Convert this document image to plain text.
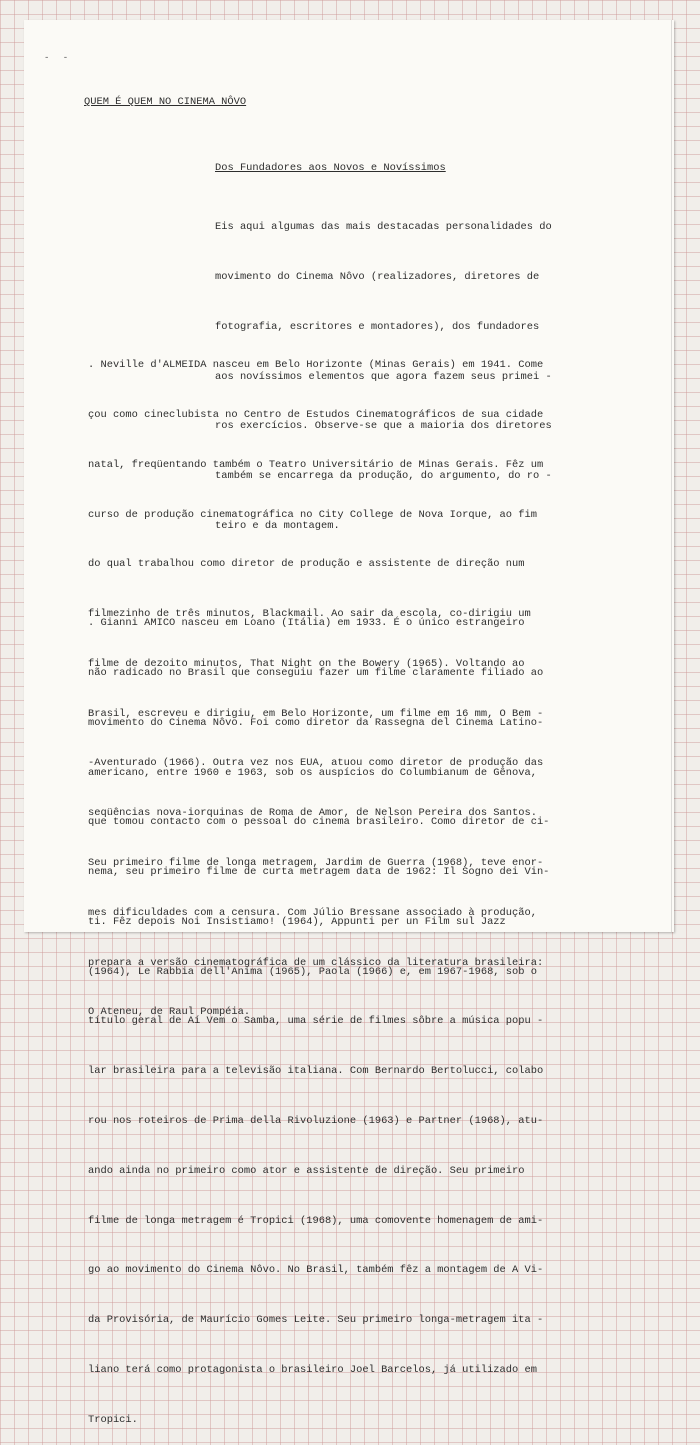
- -
QUEM É QUEM NO CINEMA NÔVO
Dos Fundadores aos Novos e Novíssimos

Eis aqui algumas das mais destacadas personalidades do

movimento do Cinema Nôvo (realizadores, diretores de

fotografia, escritores e montadores), dos fundadores

aos novíssimos elementos que agora fazem seus primei -

ros exercícios. Observe-se que a maioria dos diretores

também se encarrega da produção, do argumento, do ro -

teiro e da montagem.

. Neville d'ALMEIDA nasceu em Belo Horizonte (Minas Gerais) em 1941. Come

çou como cineclubista no Centro de Estudos Cinematográficos de sua cidade

natal, freqüentando também o Teatro Universitário de Minas Gerais. Fêz um

curso de produção cinematográfica no City College de Nova Iorque, ao fim

do qual trabalhou como diretor de produção e assistente de direção num

filmezinho de três minutos, Blackmail. Ao sair da escola, co-dirigiu um

filme de dezoito minutos, That Night on the Bowery (1965). Voltando ao

Brasil, escreveu e dirigiu, em Belo Horizonte, um filme em 16 mm, O Bem -

-Aventurado (1966). Outra vez nos EUA, atuou como diretor de produção das

seqüências nova-iorquinas de Roma de Amor, de Nelson Pereira dos Santos.

Seu primeiro filme de longa metragem, Jardim de Guerra (1968), teve enor-

mes dificuldades com a censura. Com Júlio Bressane associado à produção,

prepara a versão cinematográfica de um clássico da literatura brasileira:

O Ateneu, de Raul Pompéia.

. Gianni AMICO nasceu em Loano (Itália) em 1933. É o único estrangeiro

não radicado no Brasil que conseguiu fazer um filme claramente filiado ao

movimento do Cinema Nôvo. Foi como diretor da Rassegna del Cinema Latino-

americano, entre 1960 e 1963, sob os auspícios do Columbianum de Gênova,

que tomou contacto com o pessoal do cinema brasileiro. Como diretor de ci-

nema, seu primeiro filme de curta metragem data de 1962: Il Sogno dei Vin-

ti. Fêz depois Noi Insistiamo! (1964), Appunti per un Film sul Jazz

(1964), Le Rabbia dell'Anima (1965), Paola (1966) e, em 1967-1968, sob o

título geral de Aí Vem o Samba, uma série de filmes sôbre a música popu -

lar brasileira para a televisão italiana. Com Bernardo Bertolucci, colabo

rou nos roteiros de Prima della Rivoluzione (1963) e Partner (1968), atu-

ando ainda no primeiro como ator e assistente de direção. Seu primeiro

filme de longa metragem é Tropici (1968), uma comovente homenagem de ami-

go ao movimento do Cinema Nôvo. No Brasil, também fêz a montagem de A Vi-

da Provisória, de Maurício Gomes Leite. Seu primeiro longa-metragem ita -

liano terá como protagonista o brasileiro Joel Barcelos, já utilizado em

Tropici.
